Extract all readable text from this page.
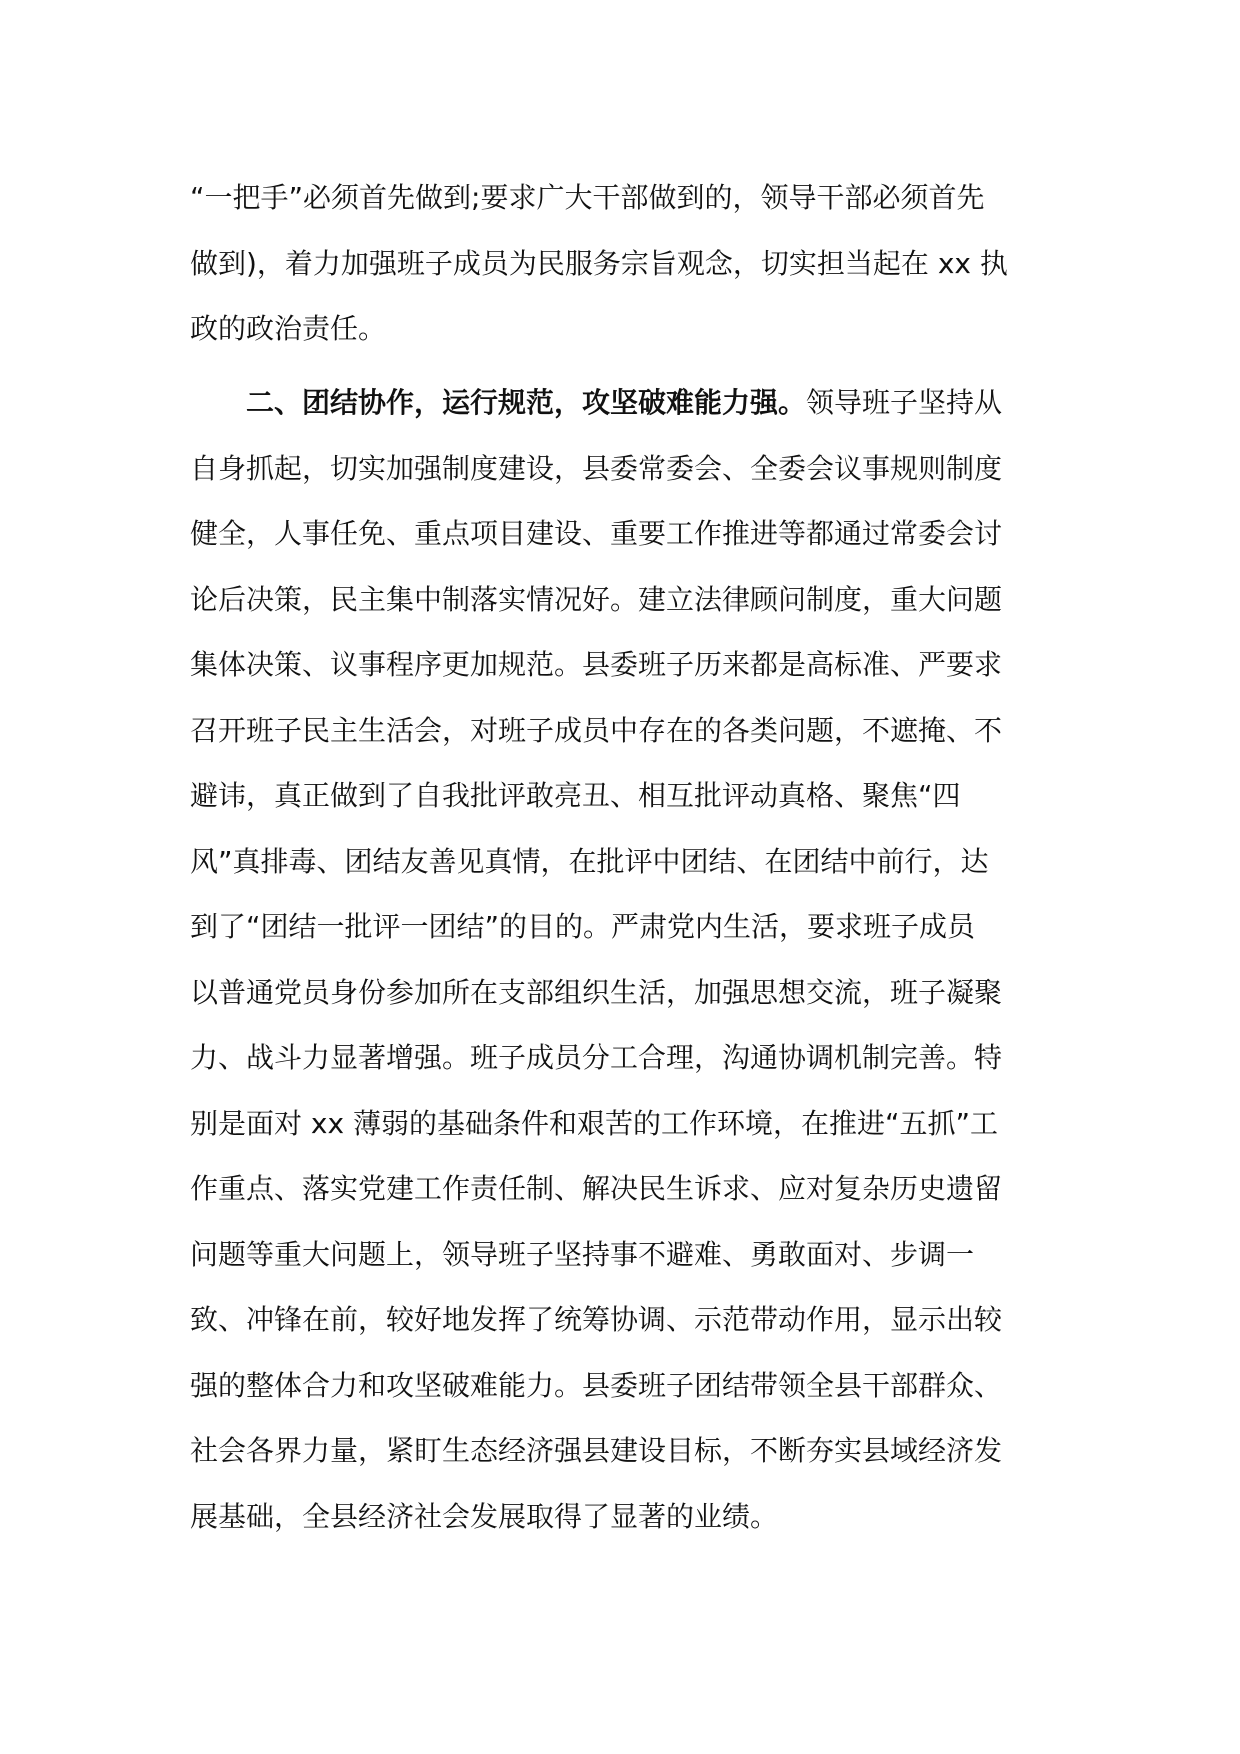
“一把手”必须首先做到;要求广大干部做到的，领导干部必须首先
做到)，着力加强班子成员为民服务宗旨观念，切实担当起在 xx 执
政的政治责任。
二、团结协作，运行规范，攻坚破难能力强。领导班子坚持从
自身抓起，切实加强制度建设，县委常委会、全委会议事规则制度
健全，人事任免、重点项目建设、重要工作推进等都通过常委会讨
论后决策，民主集中制落实情况好。建立法律顾问制度，重大问题
集体决策、议事程序更加规范。县委班子历来都是高标准、严要求
召开班子民主生活会，对班子成员中存在的各类问题，不遮掩、不
避讳，真正做到了自我批评敢亮丑、相互批评动真格、聚焦“四
风”真排毒、团结友善见真情，在批评中团结、在团结中前行，达
到了“团结一批评一团结”的目的。严肃党内生活，要求班子成员
以普通党员身份参加所在支部组织生活，加强思想交流，班子凝聚
力、战斗力显著增强。班子成员分工合理，沟通协调机制完善。特
别是面对 xx 薄弱的基础条件和艰苦的工作环境，在推进“五抓”工
作重点、落实党建工作责任制、解决民生诉求、应对复杂历史遗留
问题等重大问题上，领导班子坚持事不避难、勇敢面对、步调一
致、冲锋在前，较好地发挥了统筹协调、示范带动作用，显示出较
强的整体合力和攻坚破难能力。县委班子团结带领全县干部群众、
社会各界力量，紧盯生态经济强县建设目标，不断夯实县域经济发
展基础，全县经济社会发展取得了显著的业绩。
